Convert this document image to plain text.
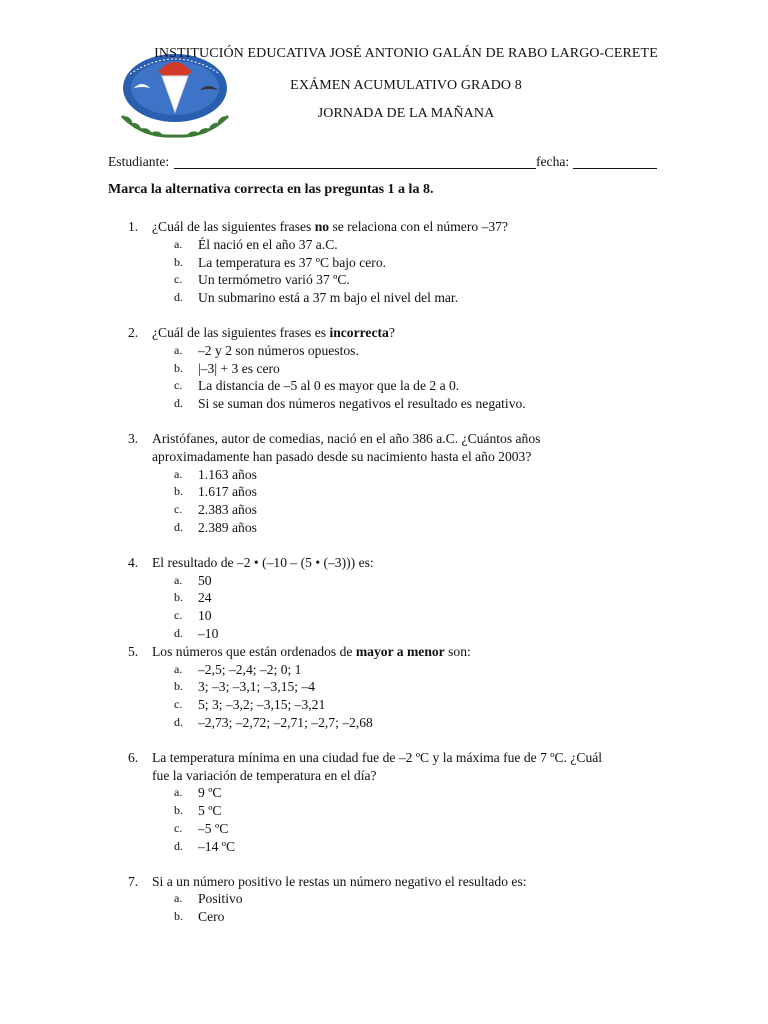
INSTITUCIÓN EDUCATIVA JOSÉ ANTONIO GALÁN DE RABO LARGO-CERETE
EXÁMEN ACUMULATIVO GRADO 8
JORNADA DE LA MAÑANA
Estudiante:	fecha:
Marca la alternativa correcta en las preguntas 1 a la 8.
1.	¿Cuál de las siguientes frases no se relaciona con el número –37?
a.	Él nació en el año 37 a.C.
b.	La temperatura es 37 ºC bajo cero.
c.	Un termómetro varió 37 ºC.
d.	Un submarino está a 37 m bajo el nivel del mar.
2.	¿Cuál de las siguientes frases es incorrecta?
a.	–2 y 2 son números opuestos.
b.	|–3| + 3 es cero
c.	La distancia de –5 al 0 es mayor que la de 2 a 0.
d.	Si se suman dos números negativos el resultado es negativo.
3.	Aristófanes, autor de comedias, nació en el año 386 a.C. ¿Cuántos años
aproximadamente han pasado desde su nacimiento hasta el año 2003?
a.	1.163 años
b.	1.617 años
c.	2.383 años
d.	2.389 años
4.	El resultado de –2 • (–10 – (5 • (–3))) es:
a.	50
b.	24
c.	10
d.	–10
5.	Los números que están ordenados de mayor a menor son:
a.	–2,5; –2,4; –2; 0; 1
b.	3; –3; –3,1; –3,15; –4
c.	5; 3; –3,2; –3,15; –3,21
d.	–2,73; –2,72; –2,71; –2,7; –2,68
6.	La temperatura mínima en una ciudad fue de –2 ºC y la máxima fue de 7 ºC. ¿Cuál
fue la variación de temperatura en el día?
a.	9 ºC
b.	5 ºC
c.	–5 ºC
d.	–14 ºC
7.	Si a un número positivo le restas un número negativo el resultado es:
a.	Positivo
b.	Cero
